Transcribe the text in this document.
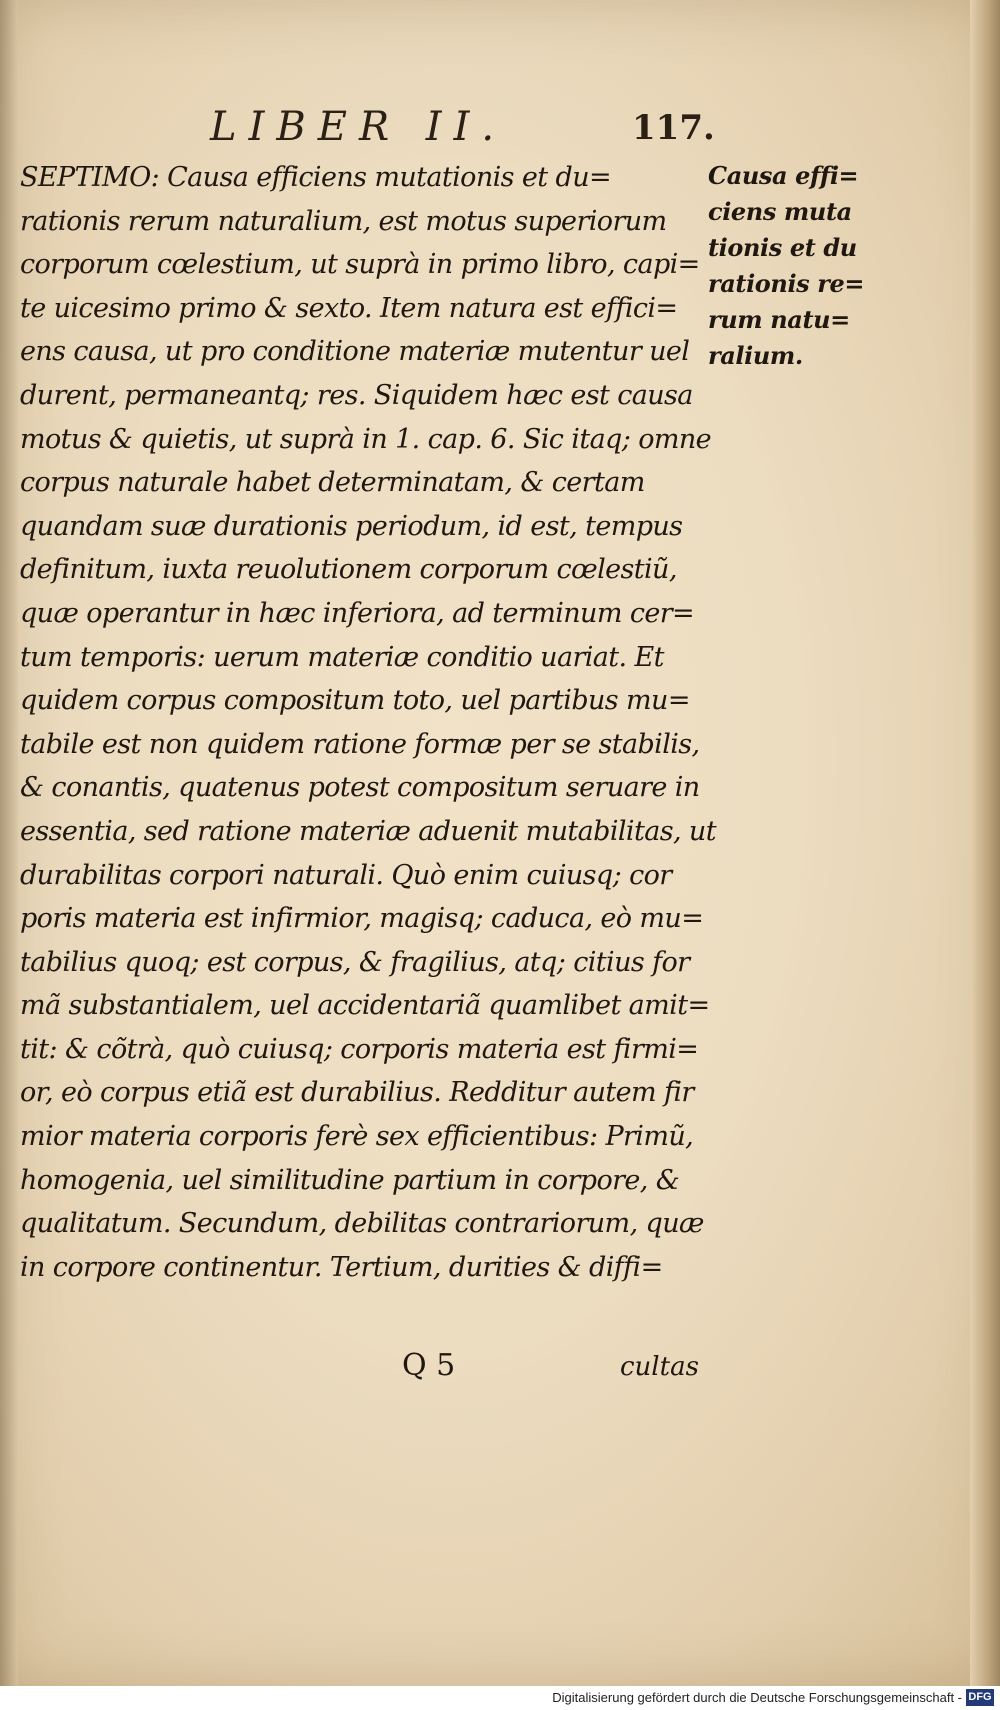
LIBER II.	117.
SEPTIMO: Causa efficiens mutationis et du=
rationis rerum naturalium, est motus superiorum
corporum cœlestium, ut suprà in primo libro, capi=
te uicesimo primo & sexto. Item natura est effici=
ens causa, ut pro conditione materiæ mutentur uel
durent, permaneantq; res. Siquidem hæc est causa
motus & quietis, ut suprà in 1. cap. 6. Sic itaq; omne
corpus naturale habet determinatam, & certam
quandam suæ durationis periodum, id est, tempus
definitum, iuxta reuolutionem corporum cœlestiũ,
quæ operantur in hæc inferiora, ad terminum cer=
tum temporis: uerum materiæ conditio uariat. Et
quidem corpus compositum toto, uel partibus mu=
tabile est non quidem ratione formæ per se stabilis,
& conantis, quatenus potest compositum seruare in
essentia, sed ratione materiæ aduenit mutabilitas, ut
durabilitas corpori naturali. Quò enim cuiusq; cor
poris materia est infirmior, magisq; caduca, eò mu=
tabilius quoq; est corpus, & fragilius, atq; citius for
mã substantialem, uel accidentariã quamlibet amit=
tit: & cõtrà, quò cuiusq; corporis materia est firmi=
or, eò corpus etiã est durabilius. Redditur autem fir
mior materia corporis ferè sex efficientibus: Primũ,
homogenia, uel similitudine partium in corpore, &
qualitatum. Secundum, debilitas contrariorum, quæ
in corpore continentur. Tertium, durities & diffi=
Causa effi=
ciens muta
tionis et du
rationis re=
rum natu=
ralium.
Q 5	cultas
Digitalisierung gefördert durch die Deutsche Forschungsgemeinschaft - DFG
